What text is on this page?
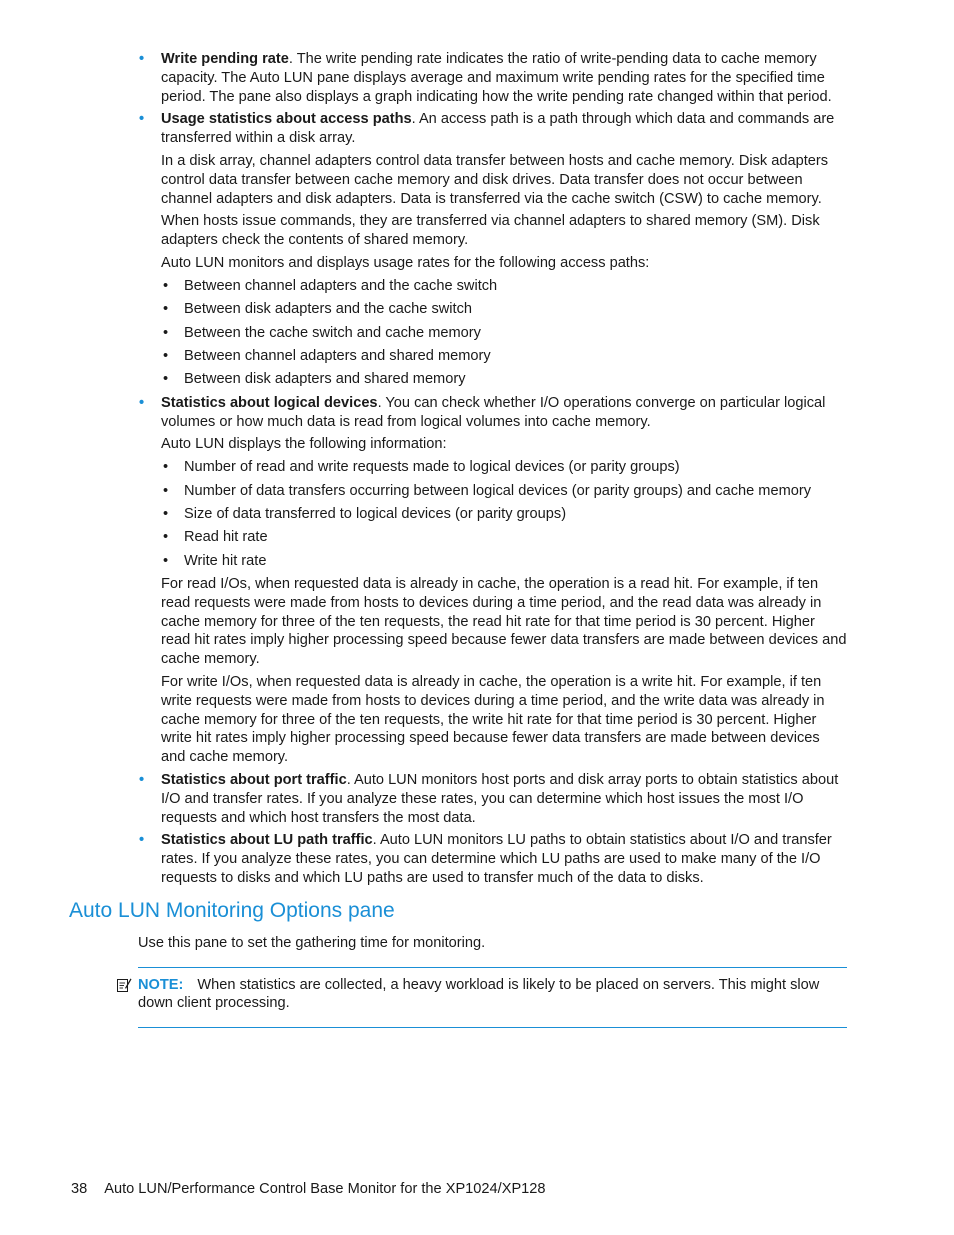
• Write pending rate. The write pending rate indicates the ratio of write-pending data to cache memory capacity. The Auto LUN pane displays average and maximum write pending rates for the specified time period. The pane also displays a graph indicating how the write pending rate changed within that period.
• Usage statistics about access paths. An access path is a path through which data and commands are transferred within a disk array.
In a disk array, channel adapters control data transfer between hosts and cache memory. Disk adapters control data transfer between cache memory and disk drives. Data transfer does not occur between channel adapters and disk adapters. Data is transferred via the cache switch (CSW) to cache memory.
When hosts issue commands, they are transferred via channel adapters to shared memory (SM). Disk adapters check the contents of shared memory.
Auto LUN monitors and displays usage rates for the following access paths:
• Between channel adapters and the cache switch
• Between disk adapters and the cache switch
• Between the cache switch and cache memory
• Between channel adapters and shared memory
• Between disk adapters and shared memory
• Statistics about logical devices. You can check whether I/O operations converge on particular logical volumes or how much data is read from logical volumes into cache memory.
Auto LUN displays the following information:
• Number of read and write requests made to logical devices (or parity groups)
• Number of data transfers occurring between logical devices (or parity groups) and cache memory
• Size of data transferred to logical devices (or parity groups)
• Read hit rate
• Write hit rate
For read I/Os, when requested data is already in cache, the operation is a read hit. For example, if ten read requests were made from hosts to devices during a time period, and the read data was already in cache memory for three of the ten requests, the read hit rate for that time period is 30 percent. Higher read hit rates imply higher processing speed because fewer data transfers are made between devices and cache memory.
For write I/Os, when requested data is already in cache, the operation is a write hit. For example, if ten write requests were made from hosts to devices during a time period, and the write data was already in cache memory for three of the ten requests, the write hit rate for that time period is 30 percent. Higher write hit rates imply higher processing speed because fewer data transfers are made between devices and cache memory.
• Statistics about port traffic. Auto LUN monitors host ports and disk array ports to obtain statistics about I/O and transfer rates. If you analyze these rates, you can determine which host issues the most I/O requests and which host transfers the most data.
• Statistics about LU path traffic. Auto LUN monitors LU paths to obtain statistics about I/O and transfer rates. If you analyze these rates, you can determine which LU paths are used to make many of the I/O requests to disks and which LU paths are used to transfer much of the data to disks.
Auto LUN Monitoring Options pane
Use this pane to set the gathering time for monitoring.
NOTE: When statistics are collected, a heavy workload is likely to be placed on servers. This might slow down client processing.
38 Auto LUN/Performance Control Base Monitor for the XP1024/XP128
